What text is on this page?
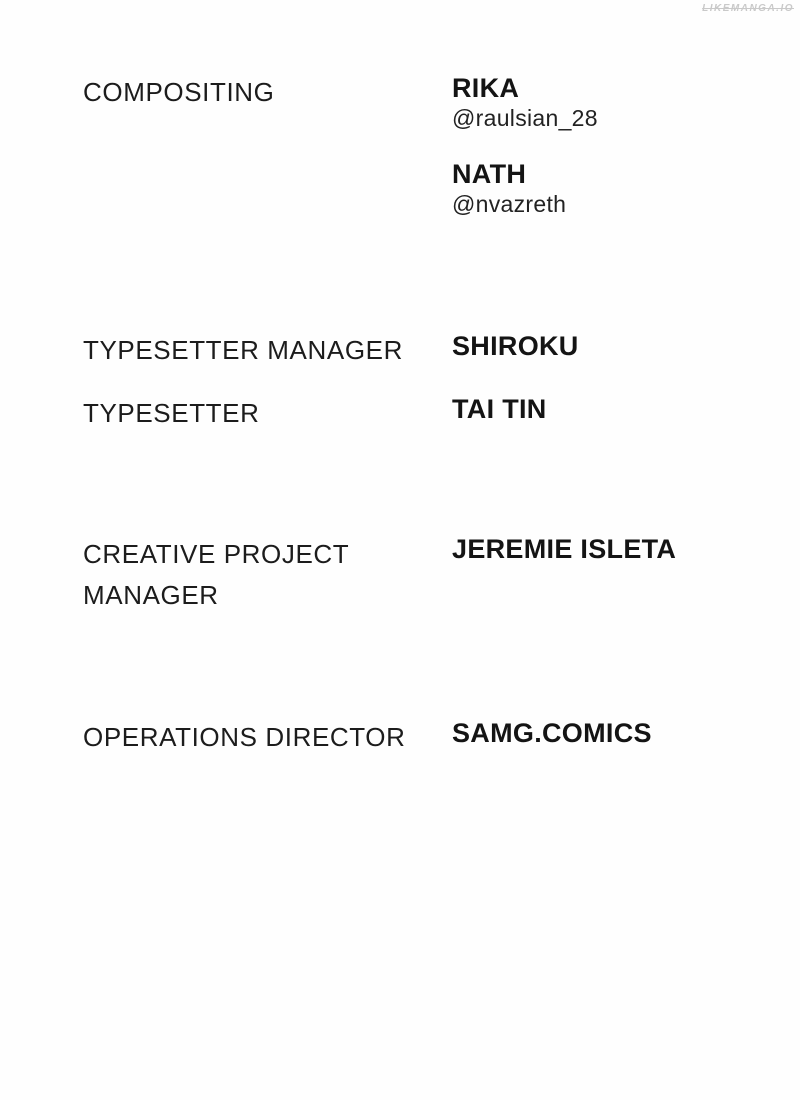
LIKEMANGA.IO
COMPOSITING	RIKA
@raulsian_28
NATH
@nvazreth
TYPESETTER MANAGER SHIROKU
TYPESETTER	TAI TIN
CREATIVE PROJECT MANAGER
JEREMIE ISLETA
OPERATIONS DIRECTOR SAMG.COMICS
